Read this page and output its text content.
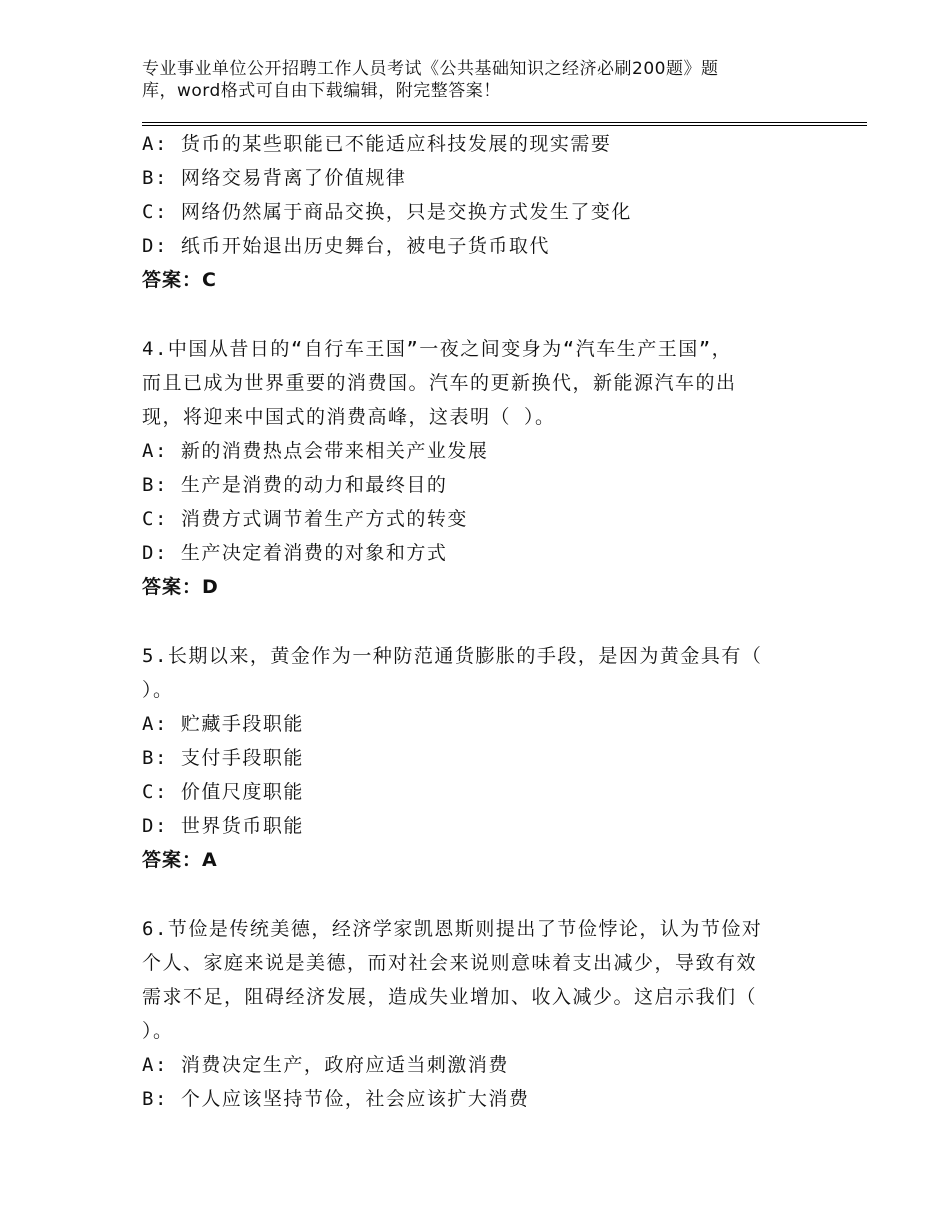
专业事业单位公开招聘工作人员考试《公共基础知识之经济必刷200题》题
库，word格式可自由下载编辑，附完整答案！
A: 货币的某些职能已不能适应科技发展的现实需要
B: 网络交易背离了价值规律
C: 网络仍然属于商品交换，只是交换方式发生了变化
D: 纸币开始退出历史舞台，被电子货币取代
答案：C
4.中国从昔日的“自行车王国”一夜之间变身为“汽车生产王国”，
而且已成为世界重要的消费国。汽车的更新换代，新能源汽车的出
现，将迎来中国式的消费高峰，这表明（ ）。
A: 新的消费热点会带来相关产业发展
B: 生产是消费的动力和最终目的
C: 消费方式调节着生产方式的转变
D: 生产决定着消费的对象和方式
答案：D
5.长期以来，黄金作为一种防范通货膨胀的手段，是因为黄金具有（
）。
A: 贮藏手段职能
B: 支付手段职能
C: 价值尺度职能
D: 世界货币职能
答案：A
6.节俭是传统美德，经济学家凯恩斯则提出了节俭悖论，认为节俭对
个人、家庭来说是美德，而对社会来说则意味着支出减少，导致有效
需求不足，阻碍经济发展，造成失业增加、收入减少。这启示我们（
）。
A: 消费决定生产，政府应适当刺激消费
B: 个人应该坚持节俭，社会应该扩大消费
